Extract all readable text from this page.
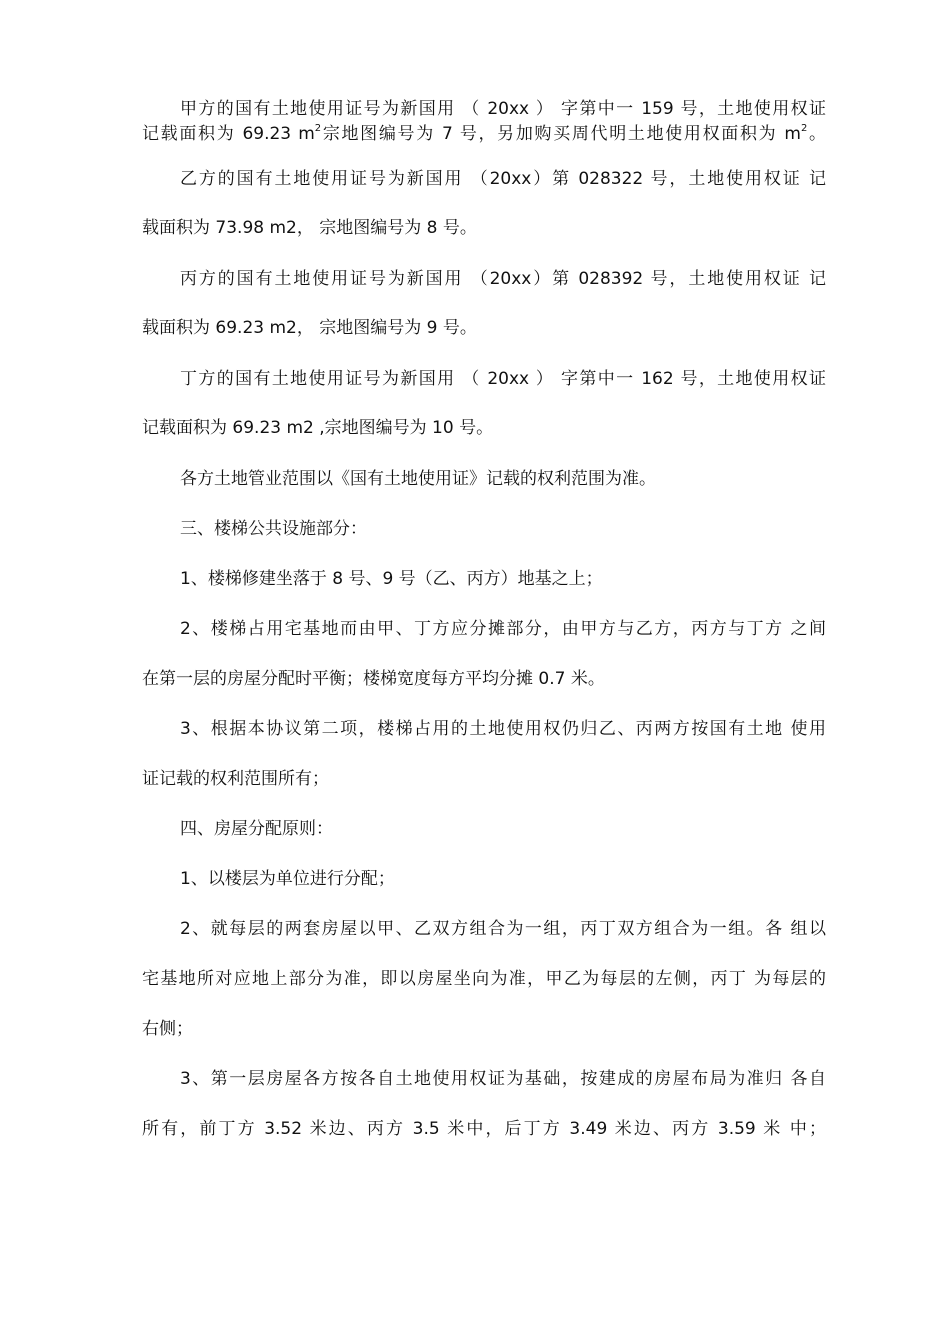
甲方的国有土地使用证号为新国用 （ 20xx ） 字第中一 159 号，土地使用权证
记载面积为 69.23 $m^2$宗地图编号为 7 号，另加购买周代明土地使用权面积为 $m^2$。
乙方的国有土地使用证号为新国用 （20xx）第 028322 号，土地使用权证 记
载面积为 73.98 m2， 宗地图编号为 8 号。
丙方的国有土地使用证号为新国用 （20xx）第 028392 号，土地使用权证 记
载面积为 69.23 m2， 宗地图编号为 9 号。
丁方的国有土地使用证号为新国用 （ 20xx ） 字第中一 162 号，土地使用权证
记载面积为 69.23 m2 ,宗地图编号为 10 号。
各方土地管业范围以《国有土地使用证》记载的权利范围为准。
三、楼梯公共设施部分：
1、楼梯修建坐落于 8 号、9 号（乙、丙方）地基之上；
2、楼梯占用宅基地而由甲、丁方应分摊部分，由甲方与乙方，丙方与丁方 之间
在第一层的房屋分配时平衡；楼梯宽度每方平均分摊 0.7 米。
3、根据本协议第二项，楼梯占用的土地使用权仍归乙、丙两方按国有土地 使用
证记载的权利范围所有；
四、房屋分配原则：
1、以楼层为单位进行分配；
2、就每层的两套房屋以甲、乙双方组合为一组，丙丁双方组合为一组。各 组以
宅基地所对应地上部分为准，即以房屋坐向为准，甲乙为每层的左侧，丙丁 为每层的
右侧；
3、第一层房屋各方按各自土地使用权证为基础，按建成的房屋布局为准归 各自
所有，前丁方 3.52 米边、丙方 3.5 米中，后丁方 3.49 米边、丙方 3.59 米 中；
